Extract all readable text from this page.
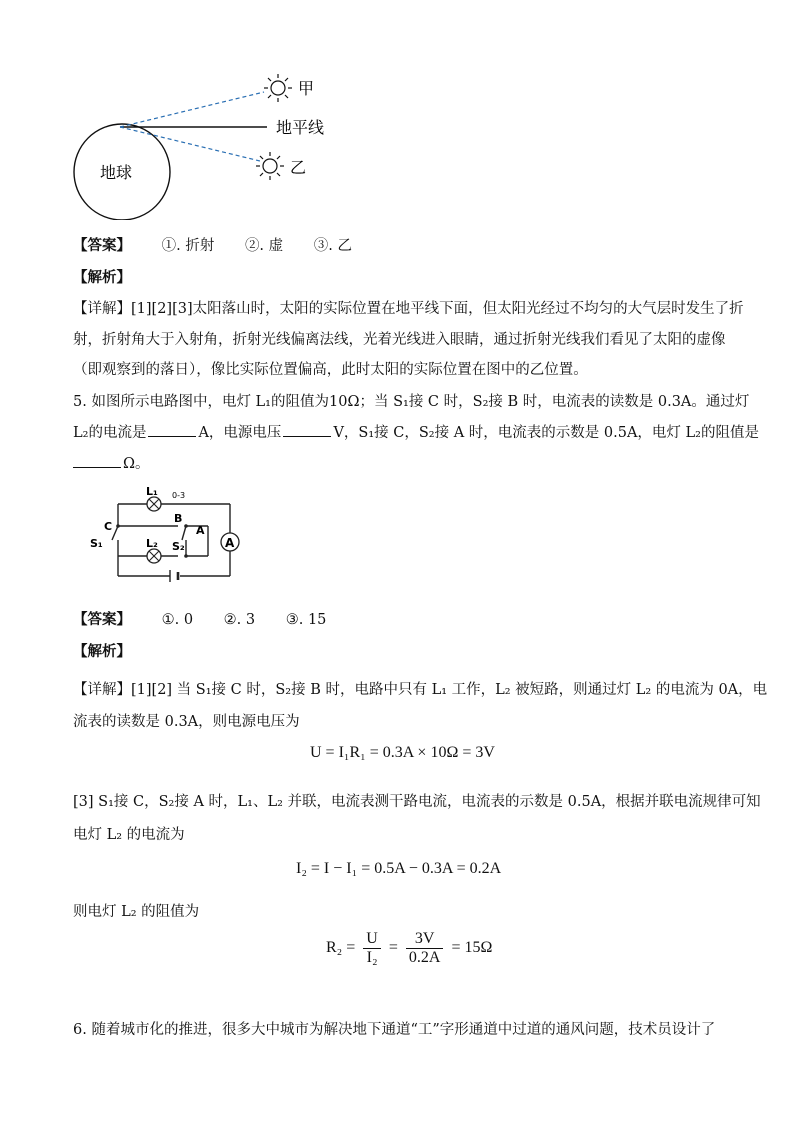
地球
地平线
甲
乙
【答案】 ①. 折射 ②. 虚 ③. 乙
【解析】
【详解】[1][2][3]太阳落山时，太阳的实际位置在地平线下面，但太阳光经过不均匀的大气层时发生了折
射，折射角大于入射角，折射光线偏离法线，光着光线进入眼睛，通过折射光线我们看见了太阳的虚像
（即观察到的落日），像比实际位置偏高，此时太阳的实际位置在图中的乙位置。
5. 如图所示电路图中，电灯 L₁的阻值为10Ω；当 S₁接 C 时，S₂接 B 时，电流表的读数是 0.3A。通过灯
L₂的电流是	A，电源电压	V，S₁接 C，S₂接 A 时，电流表的示数是 0.5A，电灯 L₂的阻值是
Ω。
A
L₁
L₂
0-3
C
S₁
B
A
S₂
【答案】 ①. 0 ②. 3 ③. 15
【解析】
【详解】[1][2] 当 S₁接 C 时，S₂接 B 时，电路中只有 L₁ 工作，L₂ 被短路，则通过灯 L₂ 的电流为 0A，电
流表的读数是 0.3A，则电源电压为
U = I₁R₁ = 0.3A × 10Ω = 3V
[3] S₁接 C，S₂接 A 时，L₁、L₂ 并联，电流表测干路电流，电流表的示数是 0.5A，根据并联电流规律可知
电灯 L₂ 的电流为
I₂ = I − I₁ = 0.5A − 0.3A = 0.2A
则电灯 L₂ 的阻值为
$R_2 = \frac{U}{\text{I₂}} = \frac{3V}{0.2A} = 15\Omega$
6. 随着城市化的推进，很多大中城市为解决地下通道“工”字形通道中过道的通风问题，技术员设计了
